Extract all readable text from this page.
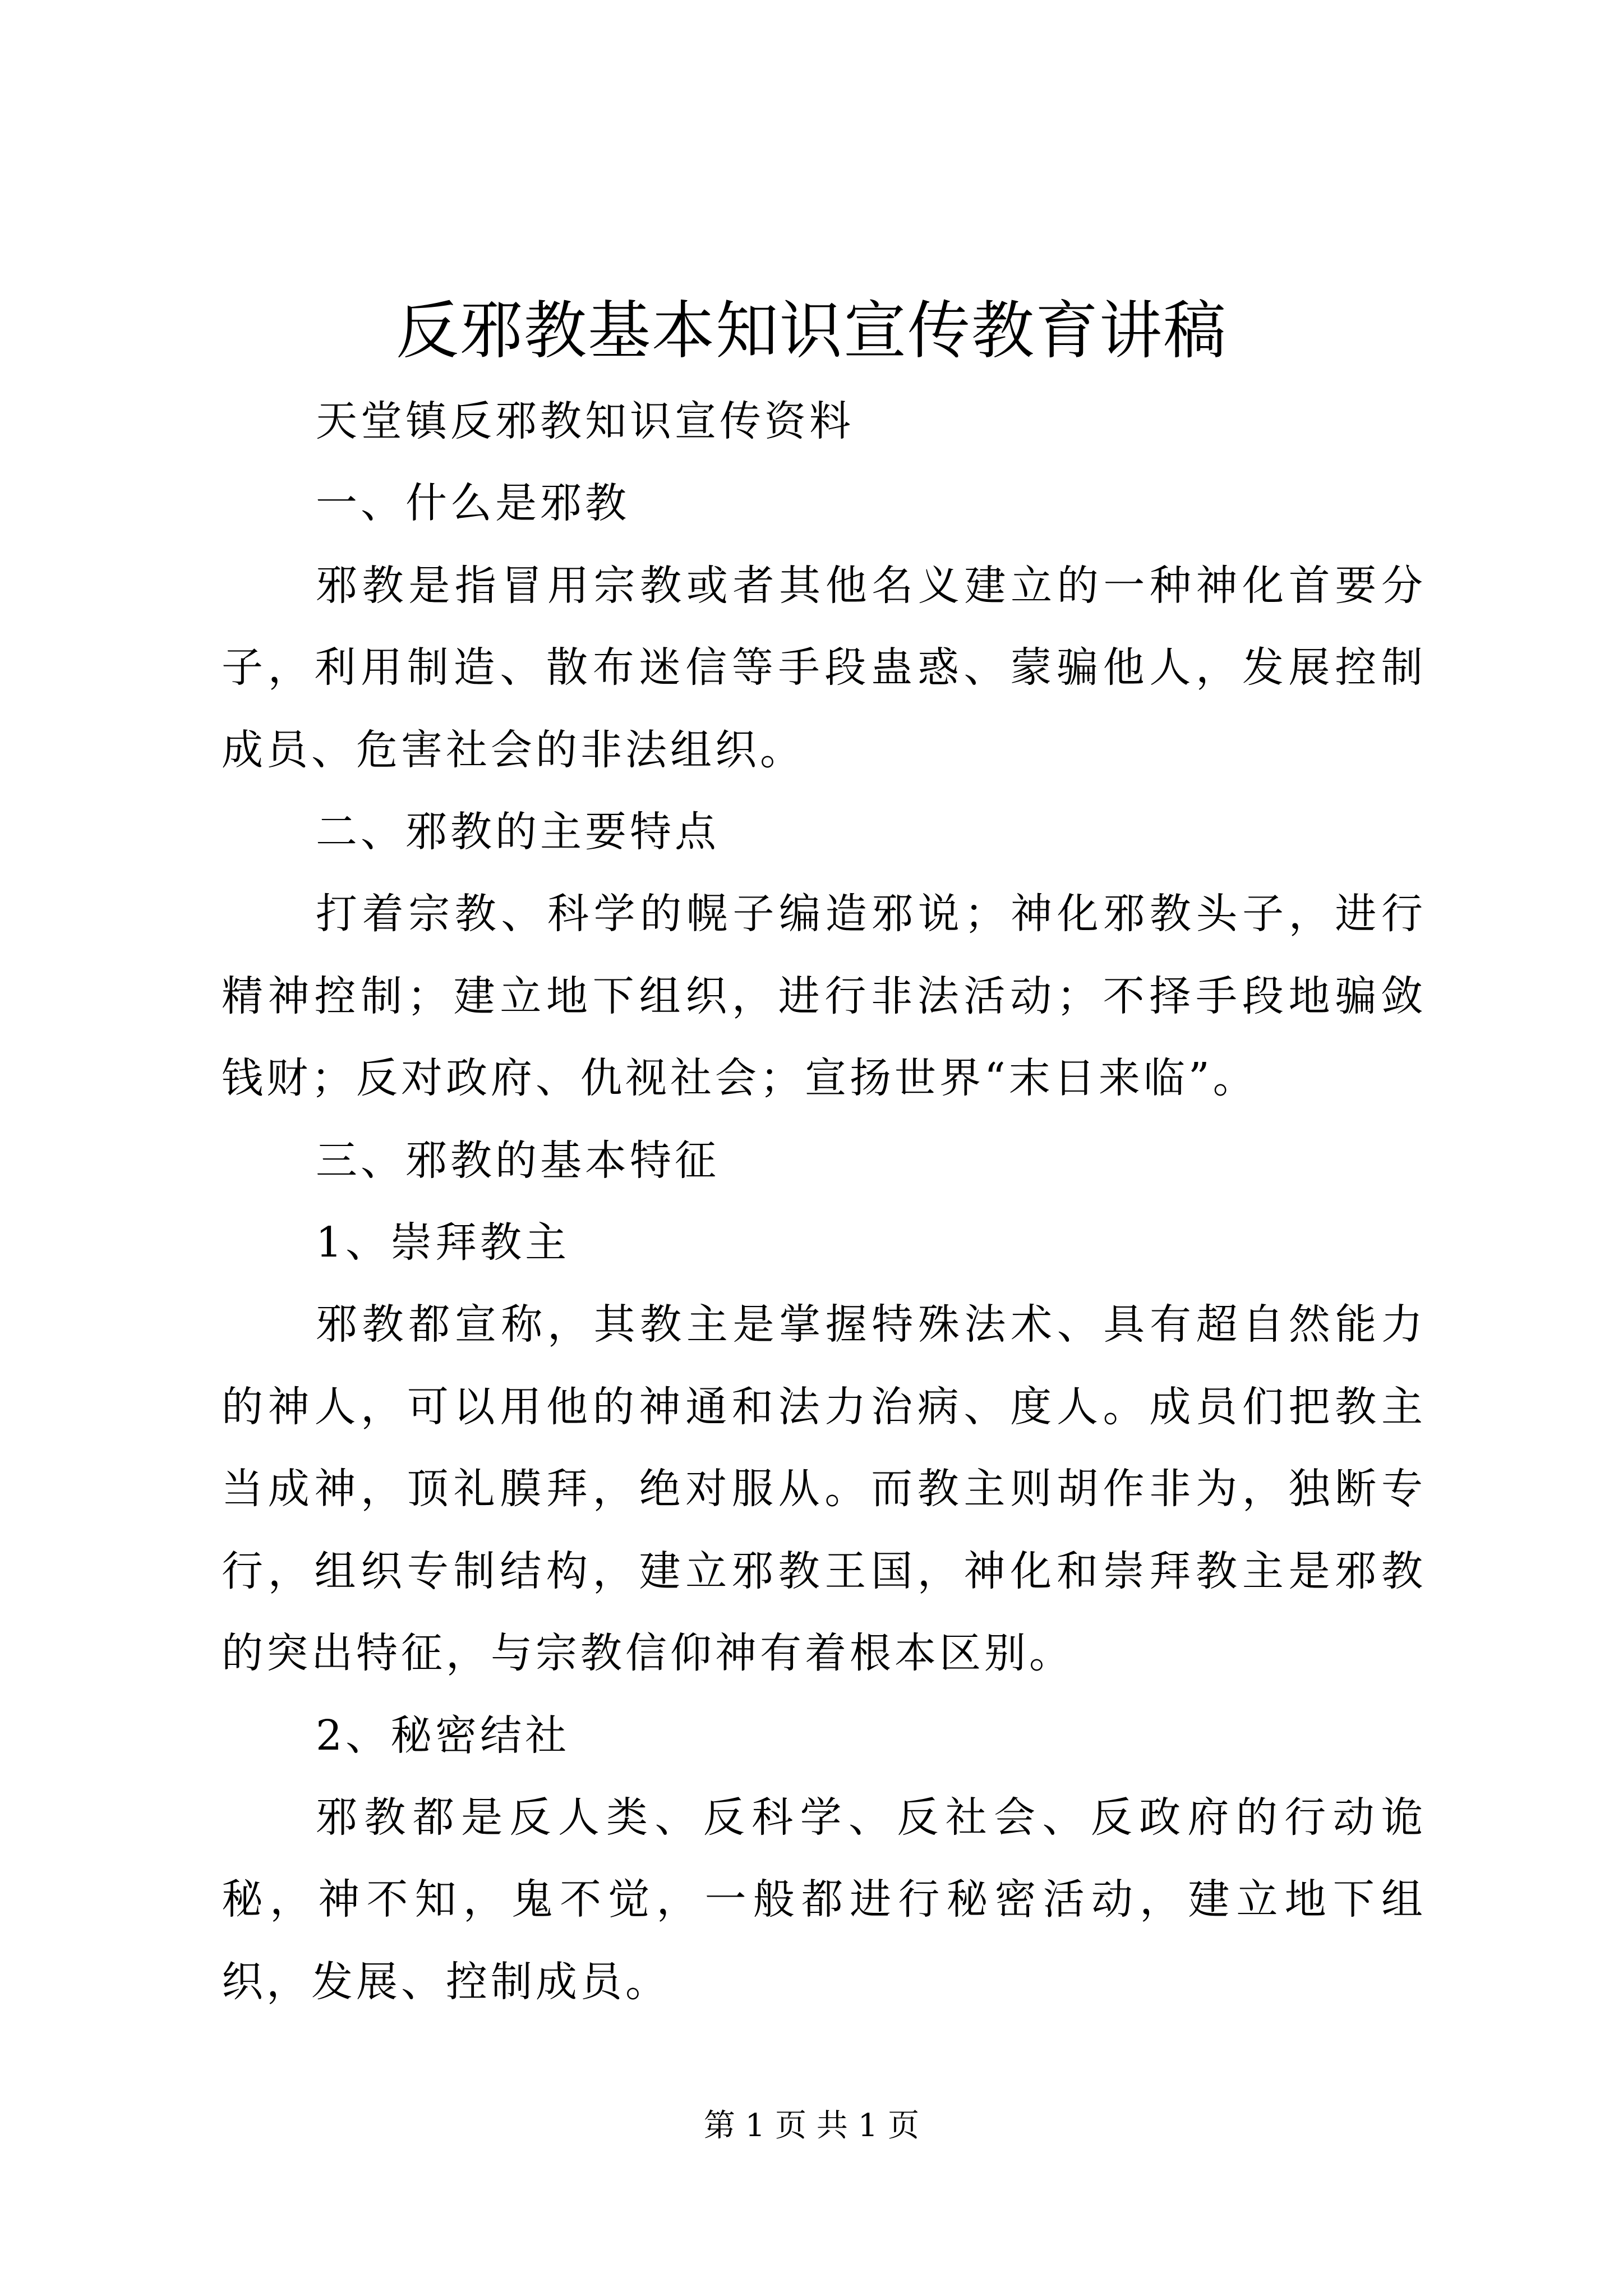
反邪教基本知识宣传教育讲稿

天堂镇反邪教知识宣传资料

一、什么是邪教

邪教是指冒用宗教或者其他名义建立的一种神化首要分子，利用制造、散布迷信等手段蛊惑、蒙骗他人，发展控制成员、危害社会的非法组织。

二、邪教的主要特点

打着宗教、科学的幌子编造邪说；神化邪教头子，进行精神控制；建立地下组织，进行非法活动；不择手段地骗敛钱财；反对政府、仇视社会；宣扬世界“末日来临”。

三、邪教的基本特征

1、崇拜教主

邪教都宣称，其教主是掌握特殊法术、具有超自然能力的神人，可以用他的神通和法力治病、度人。成员们把教主当成神，顶礼膜拜，绝对服从。而教主则胡作非为，独断专行，组织专制结构，建立邪教王国，神化和崇拜教主是邪教的突出特征，与宗教信仰神有着根本区别。

2、秘密结社

邪教都是反人类、反科学、反社会、反政府的行动诡秘，神不知，鬼不觉，一般都进行秘密活动，建立地下组织，发展、控制成员。

第 1 页 共 1 页
